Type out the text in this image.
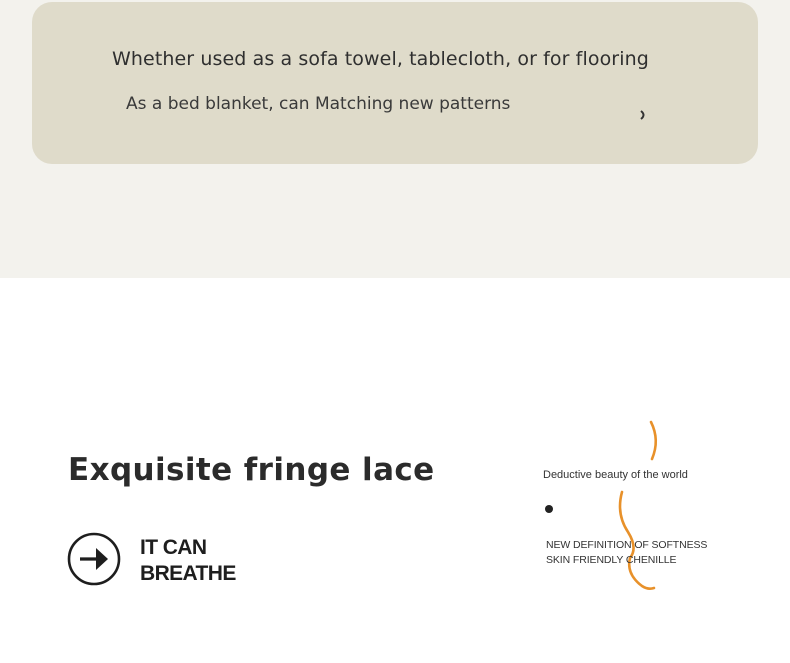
Whether used as a sofa towel, tablecloth, or for flooring

As a bed blanket, can Matching new patterns

Exquisite fringe lace
IT CAN
BREATHE

Deductive beauty of the world

NEW DEFINITION OF SOFTNESS

SKIN FRIENDLY CHENILLE
